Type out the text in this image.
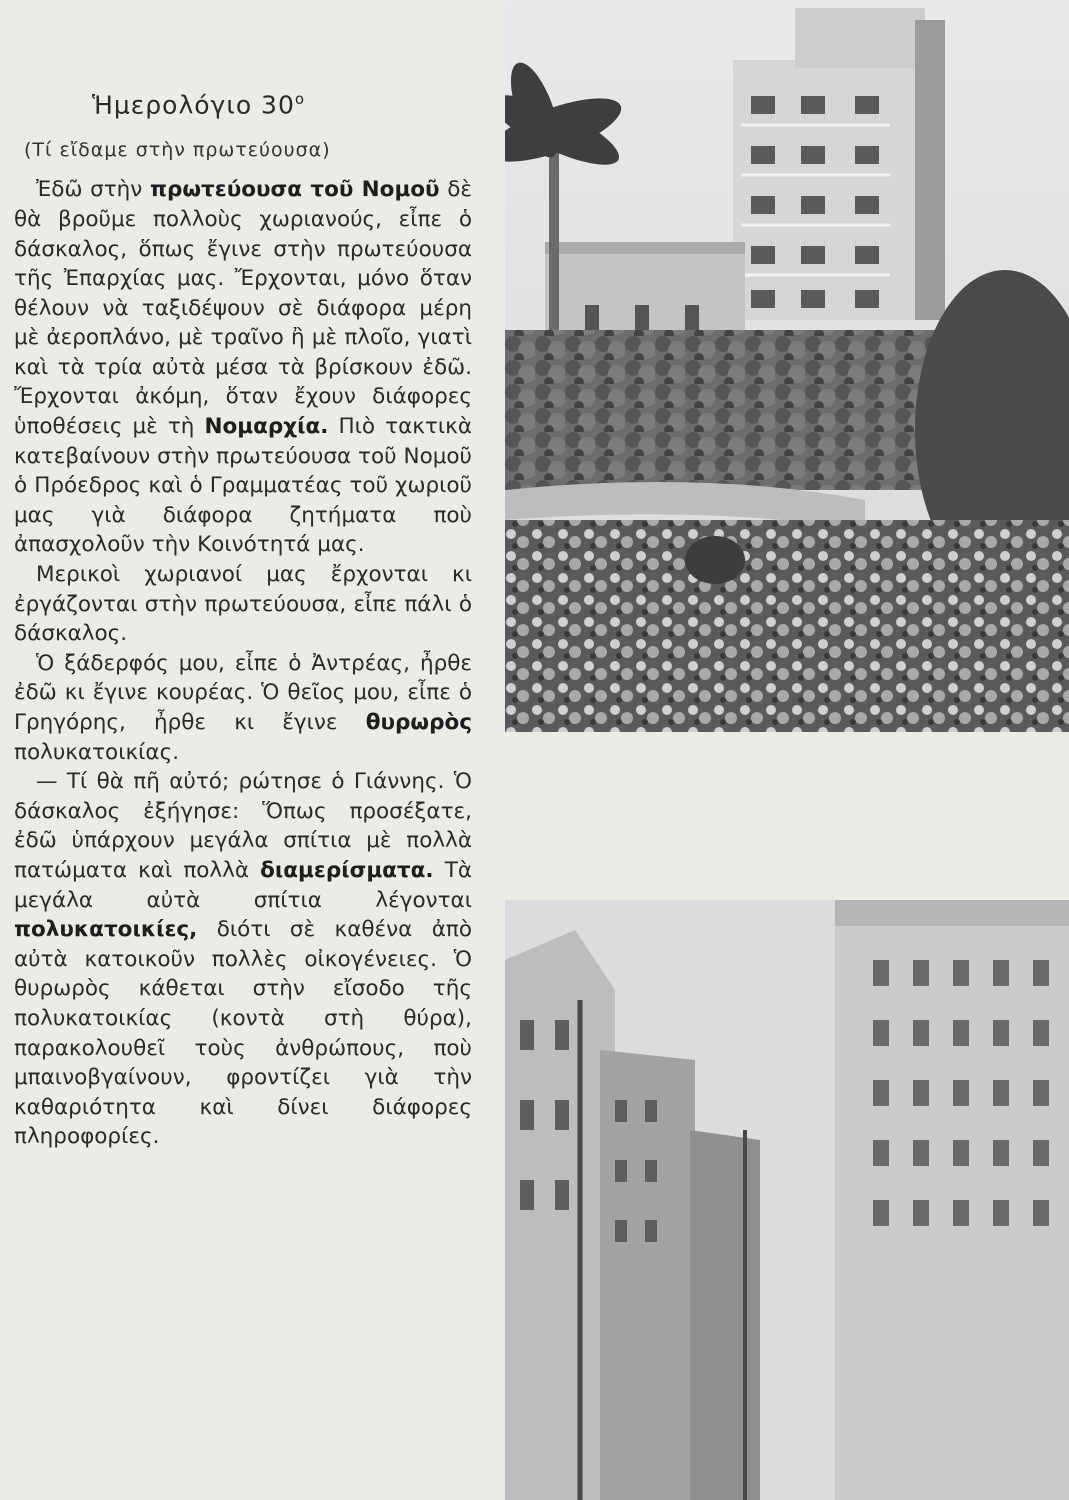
Ἡμερολόγιο $30^o$
(Τί εἴδαμε στὴν πρωτεύουσα)

Ἐδῶ στὴν πρωτεύουσα τοῦ Νομοῦ δὲ θὰ βροῦμε πολλοὺς χωριανούς, εἶπε ὁ δάσκαλος, ὅπως ἔγινε στὴν πρωτεύουσα τῆς Ἐπαρχίας μας. Ἔρχονται, μόνο ὅταν θέλουν νὰ ταξιδέψουν σὲ διάφορα μέρη μὲ ἀεροπλάνο, μὲ τραῖνο ἢ μὲ πλοῖο, γιατὶ καὶ τὰ τρία αὐτὰ μέσα τὰ βρίσκουν ἐδῶ. Ἔρχονται ἀκόμη, ὅταν ἔχουν διάφορες ὑποθέσεις μὲ τὴ Νομαρχία. Πιὸ τακτικὰ κατεβαίνουν στὴν πρωτεύουσα τοῦ Νομοῦ ὁ Πρόεδρος καὶ ὁ Γραμματέας τοῦ χωριοῦ μας γιὰ διάφορα ζητήματα ποὺ ἀπασχολοῦν τὴν Κοινότητά μας.

Μερικοὶ χωριανοί μας ἔρχονται κι ἐργάζονται στὴν πρωτεύουσα, εἶπε πάλι ὁ δάσκαλος.

Ὁ ξάδερφός μου, εἶπε ὁ Ἀντρέας, ἦρθε ἐδῶ κι ἔγινε κουρέας. Ὁ θεῖος μου, εἶπε ὁ Γρηγόρης, ἦρθε κι ἔγινε θυρωρὸς πολυκατοικίας.

— Τί θὰ πῆ αὐτό; ρώτησε ὁ Γιάννης. Ὁ δάσκαλος ἐξήγησε: Ὅπως προσέξατε, ἐδῶ ὑπάρχουν μεγάλα σπίτια μὲ πολλὰ πατώματα καὶ πολλὰ διαμερίσματα. Τὰ μεγάλα αὐτὰ σπίτια λέγονται πολυκατοικίες, διότι σὲ καθένα ἀπὸ αὐτὰ κατοικοῦν πολλὲς οἰκογένειες. Ὁ θυρωρὸς κάθεται στὴν εἴσοδο τῆς πολυκατοικίας (κοντὰ στὴ θύρα), παρακολουθεῖ τοὺς ἀνθρώπους, ποὺ μπαινοβγαίνουν, φροντίζει γιὰ τὴν καθαριότητα καὶ δίνει διάφορες πληροφορίες.
